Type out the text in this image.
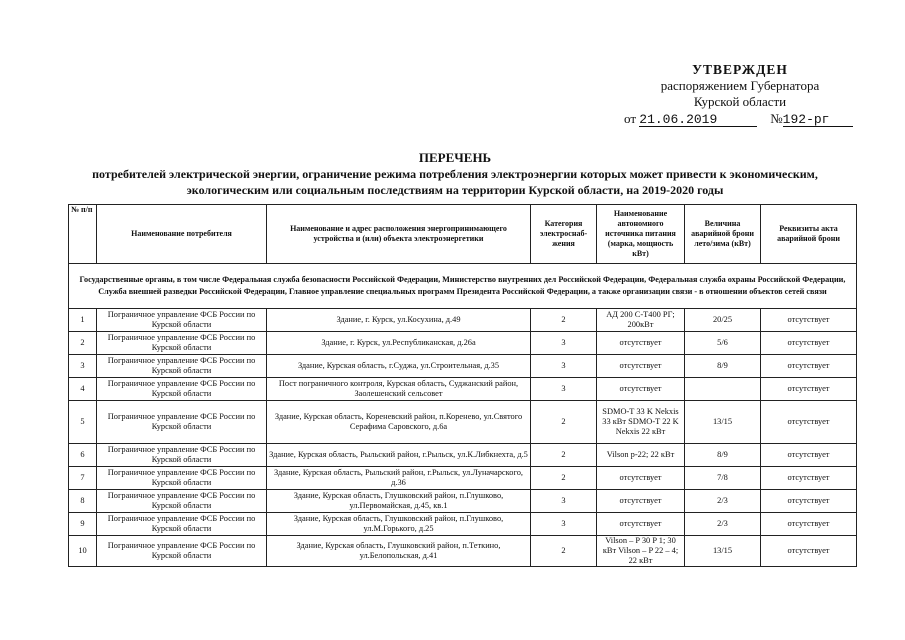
УТВЕРЖДЕН
распоряжением Губернатора
Курской области
от 21.06.2019	№192-рг
ПЕРЕЧЕНЬ
потребителей электрической энергии, ограничение режима потребления электроэнергии которых может привести к экономическим,
экологическим или социальным последствиям на территории Курской области, на 2019-2020 годы
№ п/п	Наименование потребителя	Наименование и адрес расположения энергопринимающего устройства и (или) объекта электроэнергетики	Категория электроснаб-жения	Наименование автономного источника питания (марка, мощность кВт)	Величина аварийной брони лето/зима (кВт)	Реквизиты акта аварийной брони
Государственные органы, в том числе Федеральная служба безопасности Российской Федерации, Министерство внутренних дел Российской Федерации, Федеральная служба охраны Российской Федерации, Служба внешней разведки Российской Федерации, Главное управление специальных программ Президента Российской Федерации, а также организации связи - в отношении объектов сетей связи						
1	Пограничное управление ФСБ России по Курской области	Здание, г. Курск, ул.Косухина, д.49	2	АД 200 С-Т400 РГ; 200кВт	20/25	отсутствует
2	Пограничное управление ФСБ России по Курской области	Здание, г. Курск, ул.Республиканская, д.26а	3	отсутствует	5/6	отсутствует
3	Пограничное управление ФСБ России по Курской области	Здание, Курская область, г.Суджа, ул.Строительная, д.35	3	отсутствует	8/9	отсутствует
4	Пограничное управление ФСБ России по Курской области	Пост пограничного контроля, Курская область, Суджанский район, Заолешенский сельсовет	3	отсутствует		отсутствует
5	Пограничное управление ФСБ России по Курской области	Здание, Курская область, Кореневский район, п.Коренево, ул.Святого Серафима Саровского, д.6а	2	SDMO-T 33 K Nekxis 33 кВт SDMO-T 22 K Nekxis 22 кВт	13/15	отсутствует
6	Пограничное управление ФСБ России по Курской области	Здание, Курская область, Рыльский район, г.Рыльск, ул.К.Либкнехта, д.5	2	Vilson p-22; 22 кВт	8/9	отсутствует
7	Пограничное управление ФСБ России по Курской области	Здание, Курская область, Рыльский район, г.Рыльск, ул.Луначарского, д.36	2	отсутствует	7/8	отсутствует
8	Пограничное управление ФСБ России по Курской области	Здание, Курская область, Глушковский район, п.Глушково, ул.Первомайская, д.45, кв.1	3	отсутствует	2/3	отсутствует
9	Пограничное управление ФСБ России по Курской области	Здание, Курская область, Глушковский район, п.Глушково, ул.М.Горького, д.25	3	отсутствует	2/3	отсутствует
10	Пограничное управление ФСБ России по Курской области	Здание, Курская область, Глушковский район, п.Теткино, ул.Белопольская, д.41	2	Vilson – P 30 P 1; 30 кВт Vilson – P 22 – 4; 22 кВт	13/15	отсутствует
